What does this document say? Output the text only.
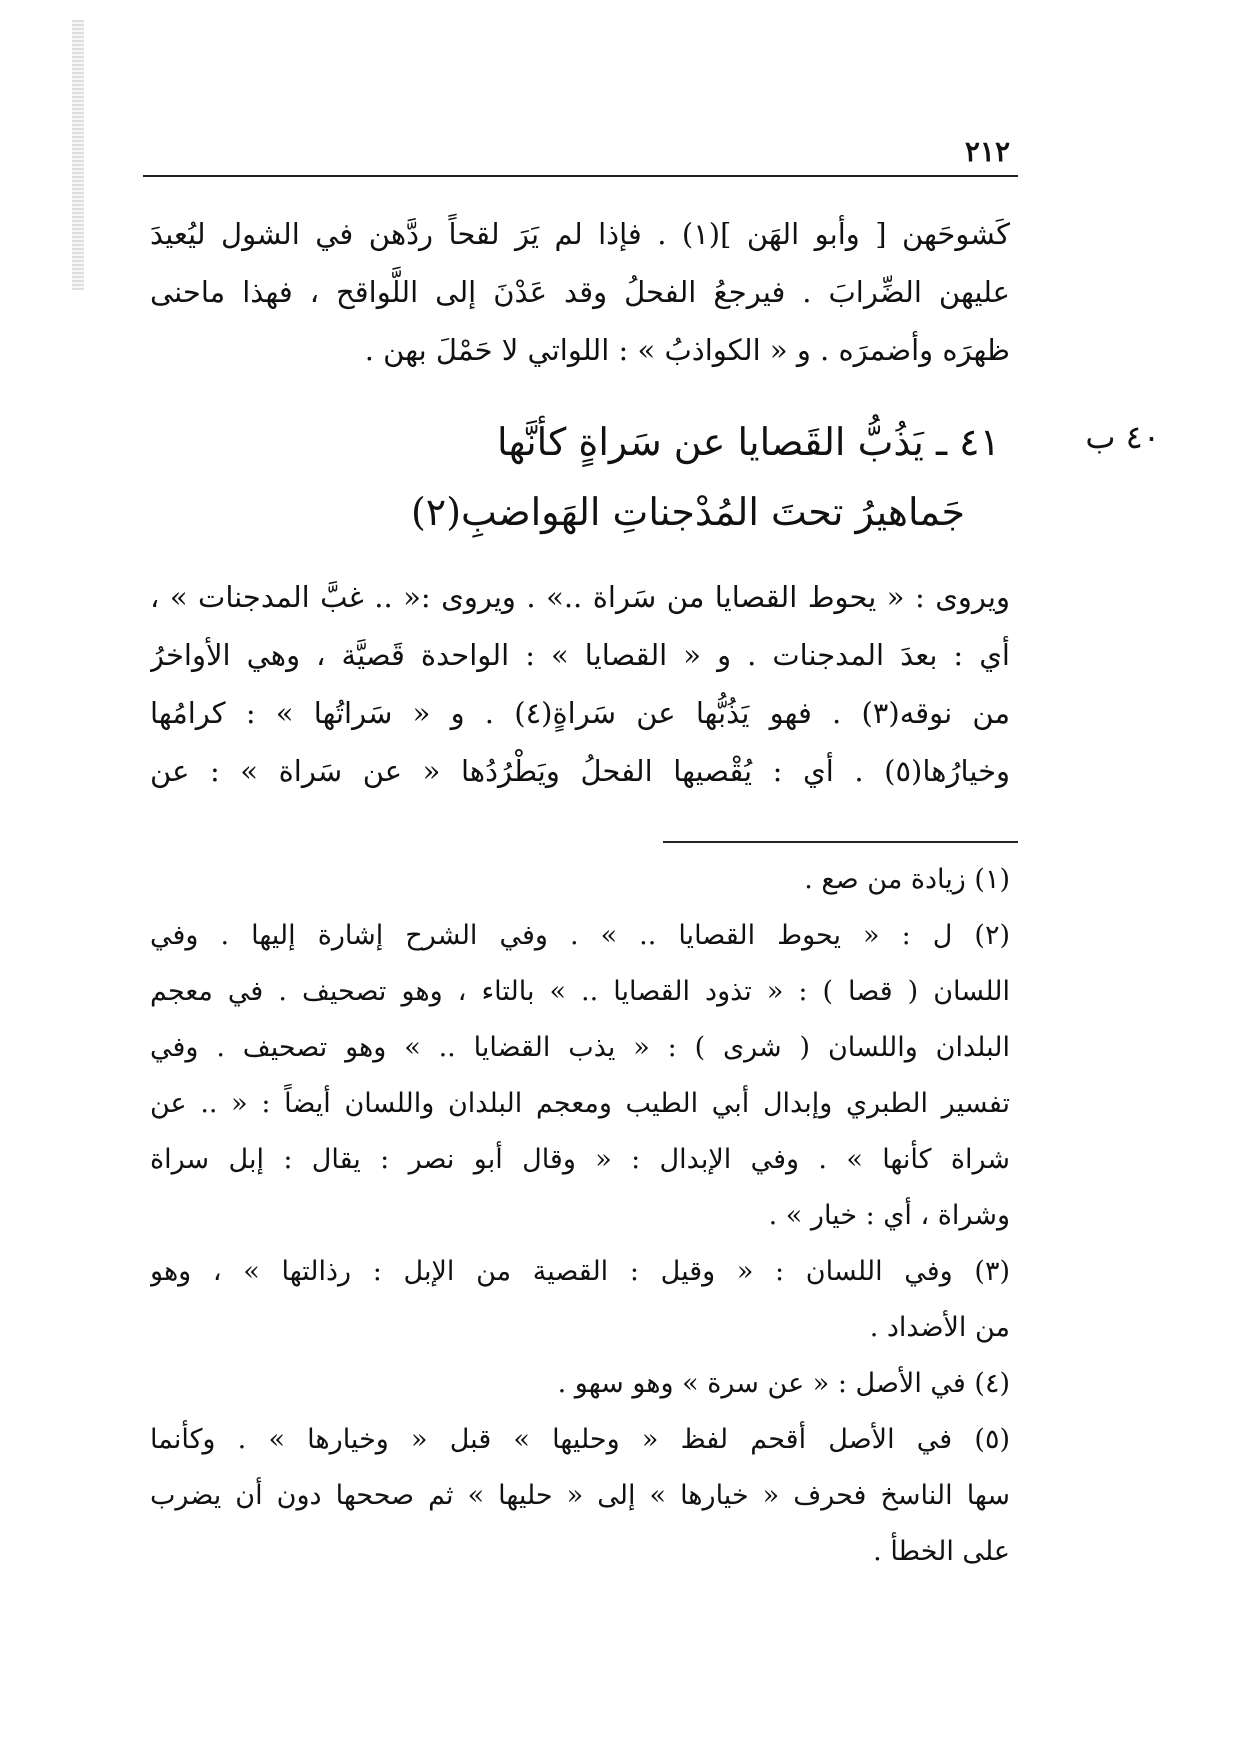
٢١٢
كَشوحَهن [ وأبو الهَن ](١) . فإذا لم يَرَ لقحاً ردَّهن في الشول ليُعيدَ
عليهن الضِّرابَ . فيرجعُ الفحلُ وقد عَدْنَ إلى اللَّواقح ، فهذا ماحنى
ظهرَه وأضمرَه . و « الكواذبُ » : اللواتي لا حَمْلَ بهن .
٤٠ ب
٤١ ـ يَذُبُّ القَصايا عن سَراةٍ كأنَّها
جَماهيرُ تحتَ المُدْجناتِ الهَواضبِ(٢)
ويروى : « يحوط القصايا من سَراة ..» . ويروى :« .. غبَّ المدجنات » ،
أي : بعدَ المدجنات . و « القصايا » : الواحدة قَصيَّة ، وهي الأواخرُ
من نوقه(٣) . فهو يَذُبُّها عن سَراةٍ(٤) . و « سَراتُها » : كرامُها
وخيارُها(٥) . أي : يُقْصيها الفحلُ ويَطْرُدُها « عن سَراة » : عن
(١) زيادة من صع .
(٢) ل : « يحوط القصايا .. » . وفي الشرح إشارة إليها . وفي
اللسان ( قصا ) : « تذود القصايا .. » بالتاء ، وهو تصحيف . في معجم
البلدان واللسان ( شرى ) : « يذب القضايا .. » وهو تصحيف . وفي
تفسير الطبري وإبدال أبي الطيب ومعجم البلدان واللسان أيضاً : « .. عن
شراة كأنها » . وفي الإبدال : « وقال أبو نصر : يقال : إبل سراة
وشراة ، أي : خيار » .
(٣) وفي اللسان : « وقيل : القصية من الإبل : رذالتها » ، وهو
من الأضداد .
(٤) في الأصل : « عن سرة » وهو سهو .
(٥) في الأصل أقحم لفظ « وحليها » قبل « وخيارها » . وكأنما
سها الناسخ فحرف « خيارها » إلى « حليها » ثم صححها دون أن يضرب
على الخطأ .
